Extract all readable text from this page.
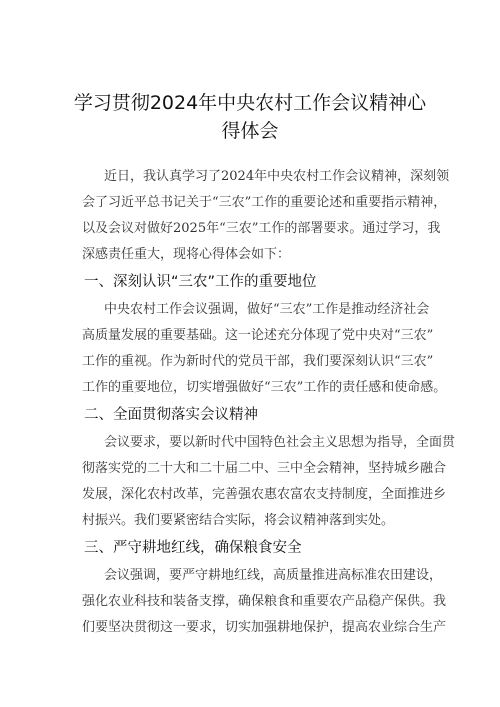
学习贯彻2024年中央农村工作会议精神心
得体会
近日，我认真学习了2024年中央农村工作会议精神，深刻领
会了习近平总书记关于“三农”工作的重要论述和重要指示精神，
以及会议对做好2025年“三农”工作的部署要求。通过学习，我
深感责任重大，现将心得体会如下：
一、深刻认识“三农”工作的重要地位
中央农村工作会议强调，做好“三农”工作是推动经济社会
高质量发展的重要基础。这一论述充分体现了党中央对“三农”
工作的重视。作为新时代的党员干部，我们要深刻认识“三农”
工作的重要地位，切实增强做好“三农”工作的责任感和使命感。
二、全面贯彻落实会议精神
会议要求，要以新时代中国特色社会主义思想为指导，全面贯
彻落实党的二十大和二十届二中、三中全会精神，坚持城乡融合
发展，深化农村改革，完善强农惠农富农支持制度，全面推进乡
村振兴。我们要紧密结合实际，将会议精神落到实处。
三、严守耕地红线，确保粮食安全
会议强调，要严守耕地红线，高质量推进高标准农田建设，
强化农业科技和装备支撑，确保粮食和重要农产品稳产保供。我
们要坚决贯彻这一要求，切实加强耕地保护，提高农业综合生产
